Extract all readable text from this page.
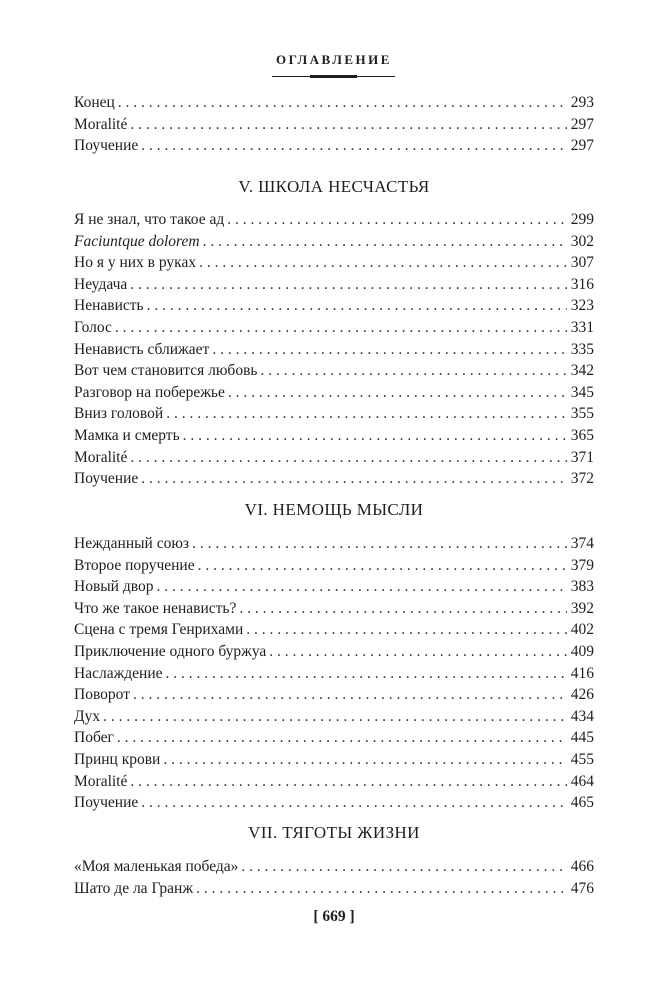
ОГЛАВЛЕНИЕ
Конец . . .	293
Moralité . . .	297
Поучение . . .	297
V. ШКОЛА НЕСЧАСТЬЯ
Я не знал, что такое ад . . .	299
Faciuntque dolorem . . .	302
Но я у них в руках . . .	307
Неудача . . .	316
Ненависть . . .	323
Голос . . .	331
Ненависть сближает . . .	335
Вот чем становится любовь . . .	342
Разговор на побережье . . .	345
Вниз головой . . .	355
Мамка и смерть . . .	365
Moralité . . .	371
Поучение . . .	372
VI. НЕМОЩЬ МЫСЛИ
Нежданный союз . . .	374
Второе поручение . . .	379
Новый двор . . .	383
Что же такое ненависть? . . .	392
Сцена с тремя Генрихами . . .	402
Приключение одного буржуа . . .	409
Наслаждение . . .	416
Поворот . . .	426
Дух . . .	434
Побег . . .	445
Принц крови . . .	455
Moralité . . .	464
Поучение . . .	465
VII. ТЯГОТЫ ЖИЗНИ
«Моя маленькая победа» . . .	466
Шато де ла Гранж . . .	476
[ 669 ]
